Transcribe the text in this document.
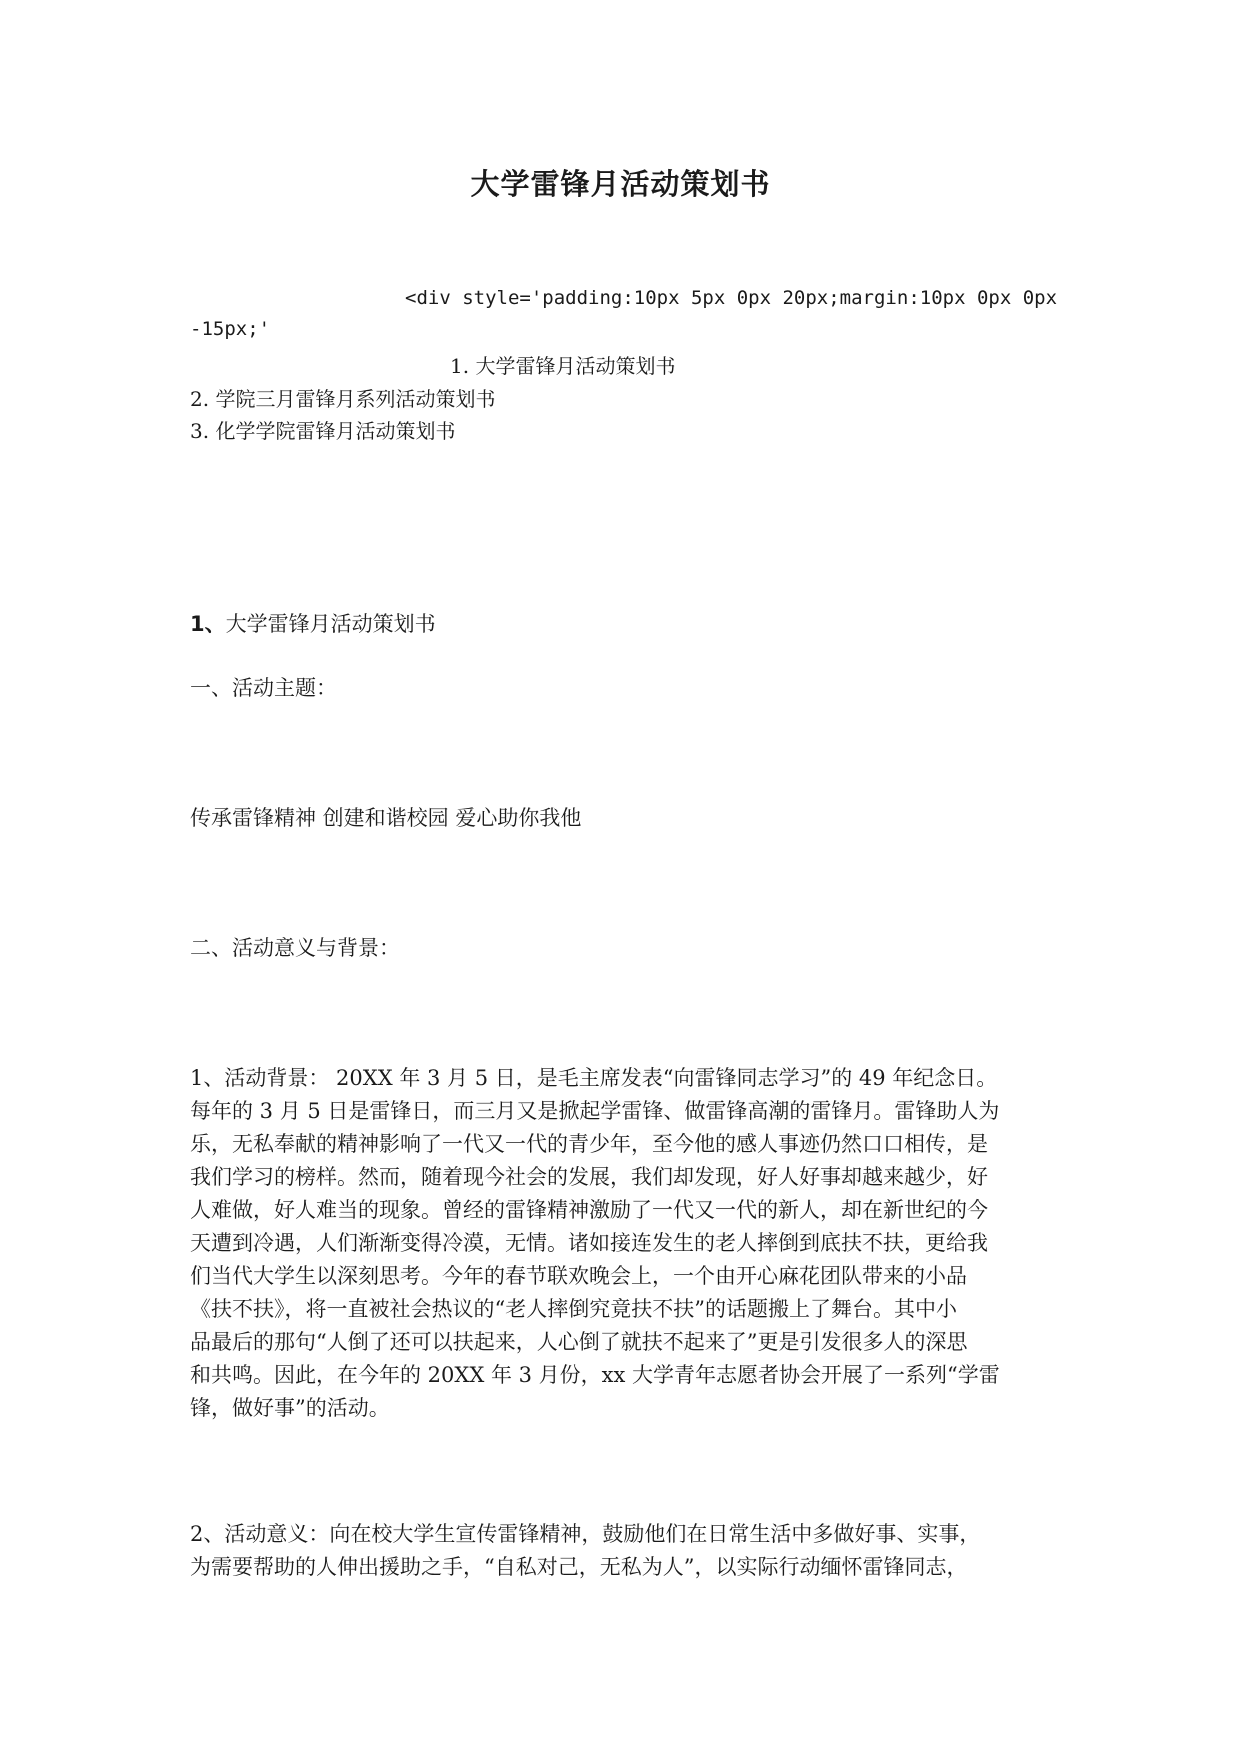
大学雷锋月活动策划书
<div style='padding:10px 5px 0px 20px;margin:10px 0px 0px
-15px;'
1. 大学雷锋月活动策划书
2. 学院三月雷锋月系列活动策划书
3. 化学学院雷锋月活动策划书
1、大学雷锋月活动策划书
一、活动主题：
传承雷锋精神 创建和谐校园 爱心助你我他
二、活动意义与背景：
1、活动背景： 20XX 年 3 月 5 日，是毛主席发表“向雷锋同志学习”的 49 年纪念日。
每年的 3 月 5 日是雷锋日，而三月又是掀起学雷锋、做雷锋高潮的雷锋月。雷锋助人为
乐，无私奉献的精神影响了一代又一代的青少年，至今他的感人事迹仍然口口相传，是
我们学习的榜样。然而，随着现今社会的发展，我们却发现，好人好事却越来越少，好
人难做，好人难当的现象。曾经的雷锋精神激励了一代又一代的新人，却在新世纪的今
天遭到冷遇，人们渐渐变得冷漠，无情。诸如接连发生的老人摔倒到底扶不扶，更给我
们当代大学生以深刻思考。今年的春节联欢晚会上，一个由开心麻花团队带来的小品
《扶不扶》，将一直被社会热议的“老人摔倒究竟扶不扶”的话题搬上了舞台。其中小
品最后的那句“人倒了还可以扶起来，人心倒了就扶不起来了”更是引发很多人的深思
和共鸣。因此，在今年的 20XX 年 3 月份，xx 大学青年志愿者协会开展了一系列“学雷
锋，做好事”的活动。
2、活动意义：向在校大学生宣传雷锋精神，鼓励他们在日常生活中多做好事、实事，
为需要帮助的人伸出援助之手，“自私对己，无私为人”，以实际行动缅怀雷锋同志，
